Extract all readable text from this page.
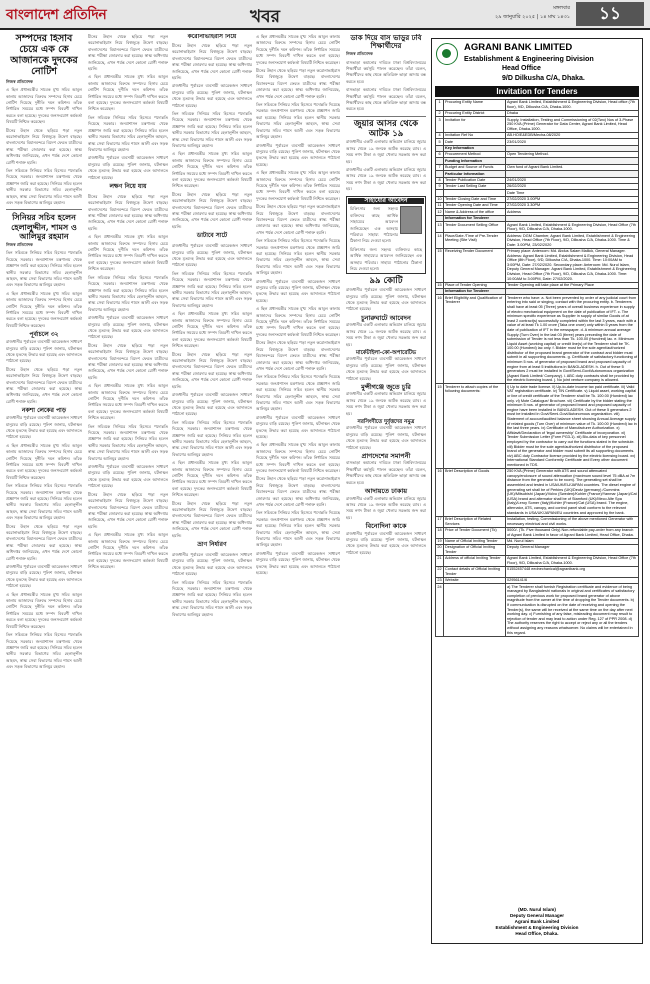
বাংলাদেশ প্রতিদিন	খবর	মঙ্গলবার
২৯ জানুয়ারি ২০২৫ | ১৪ মাঘ ১৪৩১	১১
সম্পদের হিসাব চেয়ে এক কে আজানকে দুদকের নোটিশ
নিজস্ব প্রতিবেদক

এ ছিল প্রধানমন্ত্রীর সাবেক মুখ্য সচিব আবুল কালাম আজাদের বিরুদ্ধে সম্পদের হিসাব চেয়ে নোটিশ দিয়েছে দুর্নীতি দমন কমিশন। তাঁকে নির্ধারিত সময়ের মধ্যে সম্পদ বিবরণী দাখিল করতে বলা হয়েছে। দুদকের জনসংযোগ কর্মকর্তা বিষয়টি নিশ্চিত করেছেন।

চীনের উহান থেকে ছড়িয়ে পড়া নতুন করোনাভাইরাস নিয়ে বিশ্বজুড়ে উদ্বেগ বাড়ছে। বাংলাদেশের বিমানবন্দরে বিদেশ ফেরত যাত্রীদের স্বাস্থ্য পরীক্ষা জোরদার করা হয়েছে। স্বাস্থ্য অধিদপ্তর জানিয়েছে, এখন পর্যন্ত দেশে কোনো রোগী শনাক্ত হয়নি।

তিন সচিবকে সিনিয়র সচিব হিসেবে পদোন্নতি দিয়েছে সরকার। জনপ্রশাসন মন্ত্রণালয় থেকে প্রজ্ঞাপন জারি করা হয়েছে। সিনিয়র সচিব হলেন স্থানীয় সরকার বিভাগের সচিব হেলালুদ্দীন আহমদ, স্বাস্থ্য সেবা বিভাগের সচিব শামস আলী এবং সড়ক বিভাগের আলিমুর রহমান।

সিনিয়র সচিব হলেন হেলালুদ্দীন, শামস ও আলিমুর রহমান
নিজস্ব প্রতিবেদক

তিন সচিবকে সিনিয়র সচিব হিসেবে পদোন্নতি দিয়েছে সরকার। জনপ্রশাসন মন্ত্রণালয় থেকে প্রজ্ঞাপন জারি করা হয়েছে। সিনিয়র সচিব হলেন স্থানীয় সরকার বিভাগের সচিব হেলালুদ্দীন আহমদ, স্বাস্থ্য সেবা বিভাগের সচিব শামস আলী এবং সড়ক বিভাগের আলিমুর রহমান।

এ ছিল প্রধানমন্ত্রীর সাবেক মুখ্য সচিব আবুল কালাম আজাদের বিরুদ্ধে সম্পদের হিসাব চেয়ে নোটিশ দিয়েছে দুর্নীতি দমন কমিশন। তাঁকে নির্ধারিত সময়ের মধ্যে সম্পদ বিবরণী দাখিল করতে বলা হয়েছে। দুদকের জনসংযোগ কর্মকর্তা বিষয়টি নিশ্চিত করেছেন।

পূর্বাচলে ৩২

রাজধানীর পূর্বাচলে ব্যবসায়ী আরেকজন সাধারণ মানুষের বাড়ি রয়েছে। পুলিশ জানায়, ঘটনাস্থল থেকে মৃতদেহ উদ্ধার করা হয়েছে এবং আদালতে পাঠানো হয়েছে।

চীনের উহান থেকে ছড়িয়ে পড়া নতুন করোনাভাইরাস নিয়ে বিশ্বজুড়ে উদ্বেগ বাড়ছে। বাংলাদেশের বিমানবন্দরে বিদেশ ফেরত যাত্রীদের স্বাস্থ্য পরীক্ষা জোরদার করা হয়েছে। স্বাস্থ্য অধিদপ্তর জানিয়েছে, এখন পর্যন্ত দেশে কোনো রোগী শনাক্ত হয়নি।

নকশা লেকের পাড়

রাজধানীর পূর্বাচলে ব্যবসায়ী আরেকজন সাধারণ মানুষের বাড়ি রয়েছে। পুলিশ জানায়, ঘটনাস্থল থেকে মৃতদেহ উদ্ধার করা হয়েছে এবং আদালতে পাঠানো হয়েছে।

এ ছিল প্রধানমন্ত্রীর সাবেক মুখ্য সচিব আবুল কালাম আজাদের বিরুদ্ধে সম্পদের হিসাব চেয়ে নোটিশ দিয়েছে দুর্নীতি দমন কমিশন। তাঁকে নির্ধারিত সময়ের মধ্যে সম্পদ বিবরণী দাখিল করতে বলা হয়েছে। দুদকের জনসংযোগ কর্মকর্তা বিষয়টি নিশ্চিত করেছেন।

তিন সচিবকে সিনিয়র সচিব হিসেবে পদোন্নতি দিয়েছে সরকার। জনপ্রশাসন মন্ত্রণালয় থেকে প্রজ্ঞাপন জারি করা হয়েছে। সিনিয়র সচিব হলেন স্থানীয় সরকার বিভাগের সচিব হেলালুদ্দীন আহমদ, স্বাস্থ্য সেবা বিভাগের সচিব শামস আলী এবং সড়ক বিভাগের আলিমুর রহমান।

চীনের উহান থেকে ছড়িয়ে পড়া নতুন করোনাভাইরাস নিয়ে বিশ্বজুড়ে উদ্বেগ বাড়ছে। বাংলাদেশের বিমানবন্দরে বিদেশ ফেরত যাত্রীদের স্বাস্থ্য পরীক্ষা জোরদার করা হয়েছে। স্বাস্থ্য অধিদপ্তর জানিয়েছে, এখন পর্যন্ত দেশে কোনো রোগী শনাক্ত হয়নি।

রাজধানীর পূর্বাচলে ব্যবসায়ী আরেকজন সাধারণ মানুষের বাড়ি রয়েছে। পুলিশ জানায়, ঘটনাস্থল থেকে মৃতদেহ উদ্ধার করা হয়েছে এবং আদালতে পাঠানো হয়েছে।

এ ছিল প্রধানমন্ত্রীর সাবেক মুখ্য সচিব আবুল কালাম আজাদের বিরুদ্ধে সম্পদের হিসাব চেয়ে নোটিশ দিয়েছে দুর্নীতি দমন কমিশন। তাঁকে নির্ধারিত সময়ের মধ্যে সম্পদ বিবরণী দাখিল করতে বলা হয়েছে। দুদকের জনসংযোগ কর্মকর্তা বিষয়টি নিশ্চিত করেছেন।

তিন সচিবকে সিনিয়র সচিব হিসেবে পদোন্নতি দিয়েছে সরকার। জনপ্রশাসন মন্ত্রণালয় থেকে প্রজ্ঞাপন জারি করা হয়েছে। সিনিয়র সচিব হলেন স্থানীয় সরকার বিভাগের সচিব হেলালুদ্দীন আহমদ, স্বাস্থ্য সেবা বিভাগের সচিব শামস আলী এবং সড়ক বিভাগের আলিমুর রহমান।

চীনের উহান থেকে ছড়িয়ে পড়া নতুন করোনাভাইরাস নিয়ে বিশ্বজুড়ে উদ্বেগ বাড়ছে। বাংলাদেশের বিমানবন্দরে বিদেশ ফেরত যাত্রীদের স্বাস্থ্য পরীক্ষা জোরদার করা হয়েছে। স্বাস্থ্য অধিদপ্তর জানিয়েছে, এখন পর্যন্ত দেশে কোনো রোগী শনাক্ত হয়নি।

এ ছিল প্রধানমন্ত্রীর সাবেক মুখ্য সচিব আবুল কালাম আজাদের বিরুদ্ধে সম্পদের হিসাব চেয়ে নোটিশ দিয়েছে দুর্নীতি দমন কমিশন। তাঁকে নির্ধারিত সময়ের মধ্যে সম্পদ বিবরণী দাখিল করতে বলা হয়েছে। দুদকের জনসংযোগ কর্মকর্তা বিষয়টি নিশ্চিত করেছেন।

তিন সচিবকে সিনিয়র সচিব হিসেবে পদোন্নতি দিয়েছে সরকার। জনপ্রশাসন মন্ত্রণালয় থেকে প্রজ্ঞাপন জারি করা হয়েছে। সিনিয়র সচিব হলেন স্থানীয় সরকার বিভাগের সচিব হেলালুদ্দীন আহমদ, স্বাস্থ্য সেবা বিভাগের সচিব শামস আলী এবং সড়ক বিভাগের আলিমুর রহমান।

রাজধানীর পূর্বাচলে ব্যবসায়ী আরেকজন সাধারণ মানুষের বাড়ি রয়েছে। পুলিশ জানায়, ঘটনাস্থল থেকে মৃতদেহ উদ্ধার করা হয়েছে এবং আদালতে পাঠানো হয়েছে।

লক্ষণ নিয়ে যায়

চীনের উহান থেকে ছড়িয়ে পড়া নতুন করোনাভাইরাস নিয়ে বিশ্বজুড়ে উদ্বেগ বাড়ছে। বাংলাদেশের বিমানবন্দরে বিদেশ ফেরত যাত্রীদের স্বাস্থ্য পরীক্ষা জোরদার করা হয়েছে। স্বাস্থ্য অধিদপ্তর জানিয়েছে, এখন পর্যন্ত দেশে কোনো রোগী শনাক্ত হয়নি।

এ ছিল প্রধানমন্ত্রীর সাবেক মুখ্য সচিব আবুল কালাম আজাদের বিরুদ্ধে সম্পদের হিসাব চেয়ে নোটিশ দিয়েছে দুর্নীতি দমন কমিশন। তাঁকে নির্ধারিত সময়ের মধ্যে সম্পদ বিবরণী দাখিল করতে বলা হয়েছে। দুদকের জনসংযোগ কর্মকর্তা বিষয়টি নিশ্চিত করেছেন।

তিন সচিবকে সিনিয়র সচিব হিসেবে পদোন্নতি দিয়েছে সরকার। জনপ্রশাসন মন্ত্রণালয় থেকে প্রজ্ঞাপন জারি করা হয়েছে। সিনিয়র সচিব হলেন স্থানীয় সরকার বিভাগের সচিব হেলালুদ্দীন আহমদ, স্বাস্থ্য সেবা বিভাগের সচিব শামস আলী এবং সড়ক বিভাগের আলিমুর রহমান।

রাজধানীর পূর্বাচলে ব্যবসায়ী আরেকজন সাধারণ মানুষের বাড়ি রয়েছে। পুলিশ জানায়, ঘটনাস্থল থেকে মৃতদেহ উদ্ধার করা হয়েছে এবং আদালতে পাঠানো হয়েছে।

চীনের উহান থেকে ছড়িয়ে পড়া নতুন করোনাভাইরাস নিয়ে বিশ্বজুড়ে উদ্বেগ বাড়ছে। বাংলাদেশের বিমানবন্দরে বিদেশ ফেরত যাত্রীদের স্বাস্থ্য পরীক্ষা জোরদার করা হয়েছে। স্বাস্থ্য অধিদপ্তর জানিয়েছে, এখন পর্যন্ত দেশে কোনো রোগী শনাক্ত হয়নি।

এ ছিল প্রধানমন্ত্রীর সাবেক মুখ্য সচিব আবুল কালাম আজাদের বিরুদ্ধে সম্পদের হিসাব চেয়ে নোটিশ দিয়েছে দুর্নীতি দমন কমিশন। তাঁকে নির্ধারিত সময়ের মধ্যে সম্পদ বিবরণী দাখিল করতে বলা হয়েছে। দুদকের জনসংযোগ কর্মকর্তা বিষয়টি নিশ্চিত করেছেন।

তিন সচিবকে সিনিয়র সচিব হিসেবে পদোন্নতি দিয়েছে সরকার। জনপ্রশাসন মন্ত্রণালয় থেকে প্রজ্ঞাপন জারি করা হয়েছে। সিনিয়র সচিব হলেন স্থানীয় সরকার বিভাগের সচিব হেলালুদ্দীন আহমদ, স্বাস্থ্য সেবা বিভাগের সচিব শামস আলী এবং সড়ক বিভাগের আলিমুর রহমান।

রাজধানীর পূর্বাচলে ব্যবসায়ী আরেকজন সাধারণ মানুষের বাড়ি রয়েছে। পুলিশ জানায়, ঘটনাস্থল থেকে মৃতদেহ উদ্ধার করা হয়েছে এবং আদালতে পাঠানো হয়েছে।

চীনের উহান থেকে ছড়িয়ে পড়া নতুন করোনাভাইরাস নিয়ে বিশ্বজুড়ে উদ্বেগ বাড়ছে। বাংলাদেশের বিমানবন্দরে বিদেশ ফেরত যাত্রীদের স্বাস্থ্য পরীক্ষা জোরদার করা হয়েছে। স্বাস্থ্য অধিদপ্তর জানিয়েছে, এখন পর্যন্ত দেশে কোনো রোগী শনাক্ত হয়নি।

এ ছিল প্রধানমন্ত্রীর সাবেক মুখ্য সচিব আবুল কালাম আজাদের বিরুদ্ধে সম্পদের হিসাব চেয়ে নোটিশ দিয়েছে দুর্নীতি দমন কমিশন। তাঁকে নির্ধারিত সময়ের মধ্যে সম্পদ বিবরণী দাখিল করতে বলা হয়েছে। দুদকের জনসংযোগ কর্মকর্তা বিষয়টি নিশ্চিত করেছেন।

করোনাভাইরাস নিয়ে

চীনের উহান থেকে ছড়িয়ে পড়া নতুন করোনাভাইরাস নিয়ে বিশ্বজুড়ে উদ্বেগ বাড়ছে। বাংলাদেশের বিমানবন্দরে বিদেশ ফেরত যাত্রীদের স্বাস্থ্য পরীক্ষা জোরদার করা হয়েছে। স্বাস্থ্য অধিদপ্তর জানিয়েছে, এখন পর্যন্ত দেশে কোনো রোগী শনাক্ত হয়নি।

রাজধানীর পূর্বাচলে ব্যবসায়ী আরেকজন সাধারণ মানুষের বাড়ি রয়েছে। পুলিশ জানায়, ঘটনাস্থল থেকে মৃতদেহ উদ্ধার করা হয়েছে এবং আদালতে পাঠানো হয়েছে।

তিন সচিবকে সিনিয়র সচিব হিসেবে পদোন্নতি দিয়েছে সরকার। জনপ্রশাসন মন্ত্রণালয় থেকে প্রজ্ঞাপন জারি করা হয়েছে। সিনিয়র সচিব হলেন স্থানীয় সরকার বিভাগের সচিব হেলালুদ্দীন আহমদ, স্বাস্থ্য সেবা বিভাগের সচিব শামস আলী এবং সড়ক বিভাগের আলিমুর রহমান।

এ ছিল প্রধানমন্ত্রীর সাবেক মুখ্য সচিব আবুল কালাম আজাদের বিরুদ্ধে সম্পদের হিসাব চেয়ে নোটিশ দিয়েছে দুর্নীতি দমন কমিশন। তাঁকে নির্ধারিত সময়ের মধ্যে সম্পদ বিবরণী দাখিল করতে বলা হয়েছে। দুদকের জনসংযোগ কর্মকর্তা বিষয়টি নিশ্চিত করেছেন।

চীনের উহান থেকে ছড়িয়ে পড়া নতুন করোনাভাইরাস নিয়ে বিশ্বজুড়ে উদ্বেগ বাড়ছে। বাংলাদেশের বিমানবন্দরে বিদেশ ফেরত যাত্রীদের স্বাস্থ্য পরীক্ষা জোরদার করা হয়েছে। স্বাস্থ্য অধিদপ্তর জানিয়েছে, এখন পর্যন্ত দেশে কোনো রোগী শনাক্ত হয়নি।

ডাটাবে সাটে

রাজধানীর পূর্বাচলে ব্যবসায়ী আরেকজন সাধারণ মানুষের বাড়ি রয়েছে। পুলিশ জানায়, ঘটনাস্থল থেকে মৃতদেহ উদ্ধার করা হয়েছে এবং আদালতে পাঠানো হয়েছে।

তিন সচিবকে সিনিয়র সচিব হিসেবে পদোন্নতি দিয়েছে সরকার। জনপ্রশাসন মন্ত্রণালয় থেকে প্রজ্ঞাপন জারি করা হয়েছে। সিনিয়র সচিব হলেন স্থানীয় সরকার বিভাগের সচিব হেলালুদ্দীন আহমদ, স্বাস্থ্য সেবা বিভাগের সচিব শামস আলী এবং সড়ক বিভাগের আলিমুর রহমান।

এ ছিল প্রধানমন্ত্রীর সাবেক মুখ্য সচিব আবুল কালাম আজাদের বিরুদ্ধে সম্পদের হিসাব চেয়ে নোটিশ দিয়েছে দুর্নীতি দমন কমিশন। তাঁকে নির্ধারিত সময়ের মধ্যে সম্পদ বিবরণী দাখিল করতে বলা হয়েছে। দুদকের জনসংযোগ কর্মকর্তা বিষয়টি নিশ্চিত করেছেন।

চীনের উহান থেকে ছড়িয়ে পড়া নতুন করোনাভাইরাস নিয়ে বিশ্বজুড়ে উদ্বেগ বাড়ছে। বাংলাদেশের বিমানবন্দরে বিদেশ ফেরত যাত্রীদের স্বাস্থ্য পরীক্ষা জোরদার করা হয়েছে। স্বাস্থ্য অধিদপ্তর জানিয়েছে, এখন পর্যন্ত দেশে কোনো রোগী শনাক্ত হয়নি।

রাজধানীর পূর্বাচলে ব্যবসায়ী আরেকজন সাধারণ মানুষের বাড়ি রয়েছে। পুলিশ জানায়, ঘটনাস্থল থেকে মৃতদেহ উদ্ধার করা হয়েছে এবং আদালতে পাঠানো হয়েছে।

তিন সচিবকে সিনিয়র সচিব হিসেবে পদোন্নতি দিয়েছে সরকার। জনপ্রশাসন মন্ত্রণালয় থেকে প্রজ্ঞাপন জারি করা হয়েছে। সিনিয়র সচিব হলেন স্থানীয় সরকার বিভাগের সচিব হেলালুদ্দীন আহমদ, স্বাস্থ্য সেবা বিভাগের সচিব শামস আলী এবং সড়ক বিভাগের আলিমুর রহমান।

এ ছিল প্রধানমন্ত্রীর সাবেক মুখ্য সচিব আবুল কালাম আজাদের বিরুদ্ধে সম্পদের হিসাব চেয়ে নোটিশ দিয়েছে দুর্নীতি দমন কমিশন। তাঁকে নির্ধারিত সময়ের মধ্যে সম্পদ বিবরণী দাখিল করতে বলা হয়েছে। দুদকের জনসংযোগ কর্মকর্তা বিষয়টি নিশ্চিত করেছেন।

চীনের উহান থেকে ছড়িয়ে পড়া নতুন করোনাভাইরাস নিয়ে বিশ্বজুড়ে উদ্বেগ বাড়ছে। বাংলাদেশের বিমানবন্দরে বিদেশ ফেরত যাত্রীদের স্বাস্থ্য পরীক্ষা জোরদার করা হয়েছে। স্বাস্থ্য অধিদপ্তর জানিয়েছে, এখন পর্যন্ত দেশে কোনো রোগী শনাক্ত হয়নি।

ভ্রাণ নির্ধারণ

রাজধানীর পূর্বাচলে ব্যবসায়ী আরেকজন সাধারণ মানুষের বাড়ি রয়েছে। পুলিশ জানায়, ঘটনাস্থল থেকে মৃতদেহ উদ্ধার করা হয়েছে এবং আদালতে পাঠানো হয়েছে।

তিন সচিবকে সিনিয়র সচিব হিসেবে পদোন্নতি দিয়েছে সরকার। জনপ্রশাসন মন্ত্রণালয় থেকে প্রজ্ঞাপন জারি করা হয়েছে। সিনিয়র সচিব হলেন স্থানীয় সরকার বিভাগের সচিব হেলালুদ্দীন আহমদ, স্বাস্থ্য সেবা বিভাগের সচিব শামস আলী এবং সড়ক বিভাগের আলিমুর রহমান।

এ ছিল প্রধানমন্ত্রীর সাবেক মুখ্য সচিব আবুল কালাম আজাদের বিরুদ্ধে সম্পদের হিসাব চেয়ে নোটিশ দিয়েছে দুর্নীতি দমন কমিশন। তাঁকে নির্ধারিত সময়ের মধ্যে সম্পদ বিবরণী দাখিল করতে বলা হয়েছে। দুদকের জনসংযোগ কর্মকর্তা বিষয়টি নিশ্চিত করেছেন।

চীনের উহান থেকে ছড়িয়ে পড়া নতুন করোনাভাইরাস নিয়ে বিশ্বজুড়ে উদ্বেগ বাড়ছে। বাংলাদেশের বিমানবন্দরে বিদেশ ফেরত যাত্রীদের স্বাস্থ্য পরীক্ষা জোরদার করা হয়েছে। স্বাস্থ্য অধিদপ্তর জানিয়েছে, এখন পর্যন্ত দেশে কোনো রোগী শনাক্ত হয়নি।

তিন সচিবকে সিনিয়র সচিব হিসেবে পদোন্নতি দিয়েছে সরকার। জনপ্রশাসন মন্ত্রণালয় থেকে প্রজ্ঞাপন জারি করা হয়েছে। সিনিয়র সচিব হলেন স্থানীয় সরকার বিভাগের সচিব হেলালুদ্দীন আহমদ, স্বাস্থ্য সেবা বিভাগের সচিব শামস আলী এবং সড়ক বিভাগের আলিমুর রহমান।

রাজধানীর পূর্বাচলে ব্যবসায়ী আরেকজন সাধারণ মানুষের বাড়ি রয়েছে। পুলিশ জানায়, ঘটনাস্থল থেকে মৃতদেহ উদ্ধার করা হয়েছে এবং আদালতে পাঠানো হয়েছে।

এ ছিল প্রধানমন্ত্রীর সাবেক মুখ্য সচিব আবুল কালাম আজাদের বিরুদ্ধে সম্পদের হিসাব চেয়ে নোটিশ দিয়েছে দুর্নীতি দমন কমিশন। তাঁকে নির্ধারিত সময়ের মধ্যে সম্পদ বিবরণী দাখিল করতে বলা হয়েছে। দুদকের জনসংযোগ কর্মকর্তা বিষয়টি নিশ্চিত করেছেন।

চীনের উহান থেকে ছড়িয়ে পড়া নতুন করোনাভাইরাস নিয়ে বিশ্বজুড়ে উদ্বেগ বাড়ছে। বাংলাদেশের বিমানবন্দরে বিদেশ ফেরত যাত্রীদের স্বাস্থ্য পরীক্ষা জোরদার করা হয়েছে। স্বাস্থ্য অধিদপ্তর জানিয়েছে, এখন পর্যন্ত দেশে কোনো রোগী শনাক্ত হয়নি।

তিন সচিবকে সিনিয়র সচিব হিসেবে পদোন্নতি দিয়েছে সরকার। জনপ্রশাসন মন্ত্রণালয় থেকে প্রজ্ঞাপন জারি করা হয়েছে। সিনিয়র সচিব হলেন স্থানীয় সরকার বিভাগের সচিব হেলালুদ্দীন আহমদ, স্বাস্থ্য সেবা বিভাগের সচিব শামস আলী এবং সড়ক বিভাগের আলিমুর রহমান।

রাজধানীর পূর্বাচলে ব্যবসায়ী আরেকজন সাধারণ মানুষের বাড়ি রয়েছে। পুলিশ জানায়, ঘটনাস্থল থেকে মৃতদেহ উদ্ধার করা হয়েছে এবং আদালতে পাঠানো হয়েছে।

এ ছিল প্রধানমন্ত্রীর সাবেক মুখ্য সচিব আবুল কালাম আজাদের বিরুদ্ধে সম্পদের হিসাব চেয়ে নোটিশ দিয়েছে দুর্নীতি দমন কমিশন। তাঁকে নির্ধারিত সময়ের মধ্যে সম্পদ বিবরণী দাখিল করতে বলা হয়েছে। দুদকের জনসংযোগ কর্মকর্তা বিষয়টি নিশ্চিত করেছেন।

চীনের উহান থেকে ছড়িয়ে পড়া নতুন করোনাভাইরাস নিয়ে বিশ্বজুড়ে উদ্বেগ বাড়ছে। বাংলাদেশের বিমানবন্দরে বিদেশ ফেরত যাত্রীদের স্বাস্থ্য পরীক্ষা জোরদার করা হয়েছে। স্বাস্থ্য অধিদপ্তর জানিয়েছে, এখন পর্যন্ত দেশে কোনো রোগী শনাক্ত হয়নি।

তিন সচিবকে সিনিয়র সচিব হিসেবে পদোন্নতি দিয়েছে সরকার। জনপ্রশাসন মন্ত্রণালয় থেকে প্রজ্ঞাপন জারি করা হয়েছে। সিনিয়র সচিব হলেন স্থানীয় সরকার বিভাগের সচিব হেলালুদ্দীন আহমদ, স্বাস্থ্য সেবা বিভাগের সচিব শামস আলী এবং সড়ক বিভাগের আলিমুর রহমান।

রাজধানীর পূর্বাচলে ব্যবসায়ী আরেকজন সাধারণ মানুষের বাড়ি রয়েছে। পুলিশ জানায়, ঘটনাস্থল থেকে মৃতদেহ উদ্ধার করা হয়েছে এবং আদালতে পাঠানো হয়েছে।

এ ছিল প্রধানমন্ত্রীর সাবেক মুখ্য সচিব আবুল কালাম আজাদের বিরুদ্ধে সম্পদের হিসাব চেয়ে নোটিশ দিয়েছে দুর্নীতি দমন কমিশন। তাঁকে নির্ধারিত সময়ের মধ্যে সম্পদ বিবরণী দাখিল করতে বলা হয়েছে। দুদকের জনসংযোগ কর্মকর্তা বিষয়টি নিশ্চিত করেছেন।

চীনের উহান থেকে ছড়িয়ে পড়া নতুন করোনাভাইরাস নিয়ে বিশ্বজুড়ে উদ্বেগ বাড়ছে। বাংলাদেশের বিমানবন্দরে বিদেশ ফেরত যাত্রীদের স্বাস্থ্য পরীক্ষা জোরদার করা হয়েছে। স্বাস্থ্য অধিদপ্তর জানিয়েছে, এখন পর্যন্ত দেশে কোনো রোগী শনাক্ত হয়নি।

তিন সচিবকে সিনিয়র সচিব হিসেবে পদোন্নতি দিয়েছে সরকার। জনপ্রশাসন মন্ত্রণালয় থেকে প্রজ্ঞাপন জারি করা হয়েছে। সিনিয়র সচিব হলেন স্থানীয় সরকার বিভাগের সচিব হেলালুদ্দীন আহমদ, স্বাস্থ্য সেবা বিভাগের সচিব শামস আলী এবং সড়ক বিভাগের আলিমুর রহমান।

রাজধানীর পূর্বাচলে ব্যবসায়ী আরেকজন সাধারণ মানুষের বাড়ি রয়েছে। পুলিশ জানায়, ঘটনাস্থল থেকে মৃতদেহ উদ্ধার করা হয়েছে এবং আদালতে পাঠানো হয়েছে।

ডাক দিয়ে বাস ভাড়ুর ঢবি শিক্ষার্থীদের
নিজস্ব প্রতিবেদক

বাসভাড়া কমানোর দাবিতে ঢাকা বিশ্ববিদ্যালয়ের শিক্ষার্থীরা কর্মসূচি পালন করেছেন। তাঁরা বলেন, শিক্ষার্থীদের কাছ থেকে অতিরিক্ত ভাড়া আদায় বন্ধ করতে হবে।

বাসভাড়া কমানোর দাবিতে ঢাকা বিশ্ববিদ্যালয়ের শিক্ষার্থীরা কর্মসূচি পালন করেছেন। তাঁরা বলেন, শিক্ষার্থীদের কাছ থেকে অতিরিক্ত ভাড়া আদায় বন্ধ করতে হবে।

জুয়ার আসর থেকে আটক ১৯

রাজধানীর একটি এলাকায় অভিযান চালিয়ে জুয়ার আসর থেকে ১৯ জনকে আটক করেছে র‍্যাব। এ সময় নগদ টাকা ও জুয়া খেলার সরঞ্জাম জব্দ করা হয়।

রাজধানীর একটি এলাকায় অভিযান চালিয়ে জুয়ার আসর থেকে ১৯ জনকে আটক করেছে র‍্যাব। এ সময় নগদ টাকা ও জুয়া খেলার সরঞ্জাম জব্দ করা হয়।

সাহায্যের আবেদন
চিকিৎসার জন্য সহৃদয় ব্যক্তিদের কাছে আর্থিক সাহায্যের আবেদন জানিয়েছেন এক অসহায় পরিবার। সাহায্য পাঠানোর ঠিকানা নিচে দেওয়া হলো।
চিকিৎসার জন্য সহৃদয় ব্যক্তিদের কাছে আর্থিক সাহায্যের আবেদন জানিয়েছেন এক অসহায় পরিবার। সাহায্য পাঠানোর ঠিকানা নিচে দেওয়া হলো।
৯৯ কোটি

রাজধানীর পূর্বাচলে ব্যবসায়ী আরেকজন সাধারণ মানুষের বাড়ি রয়েছে। পুলিশ জানায়, ঘটনাস্থল থেকে মৃতদেহ উদ্ধার করা হয়েছে এবং আদালতে পাঠানো হয়েছে।

চুনারুঘাটে আবেদন

রাজধানীর একটি এলাকায় অভিযান চালিয়ে জুয়ার আসর থেকে ১৯ জনকে আটক করেছে র‍্যাব। এ সময় নগদ টাকা ও জুয়া খেলার সরঞ্জাম জব্দ করা হয়।

মার্কেটাইলা-কো-অপারেটিভ

রাজধানীর পূর্বাচলে ব্যবসায়ী আরেকজন সাধারণ মানুষের বাড়ি রয়েছে। পুলিশ জানায়, ঘটনাস্থল থেকে মৃতদেহ উদ্ধার করা হয়েছে এবং আদালতে পাঠানো হয়েছে।

মুন্সীগঞ্জে জুতে চুরি

রাজধানীর একটি এলাকায় অভিযান চালিয়ে জুয়ার আসর থেকে ১৯ জনকে আটক করেছে র‍্যাব। এ সময় নগদ টাকা ও জুয়া খেলার সরঞ্জাম জব্দ করা হয়।

নরসিংদীতে দুর্বৃত্তদের নমুত্র

রাজধানীর পূর্বাচলে ব্যবসায়ী আরেকজন সাধারণ মানুষের বাড়ি রয়েছে। পুলিশ জানায়, ঘটনাস্থল থেকে মৃতদেহ উদ্ধার করা হয়েছে এবং আদালতে পাঠানো হয়েছে।

প্রাণদেশের সমাপনী

বাসভাড়া কমানোর দাবিতে ঢাকা বিশ্ববিদ্যালয়ের শিক্ষার্থীরা কর্মসূচি পালন করেছেন। তাঁরা বলেন, শিক্ষার্থীদের কাছ থেকে অতিরিক্ত ভাড়া আদায় বন্ধ করতে হবে।

আদায়তে ঢাকায়

রাজধানীর একটি এলাকায় অভিযান চালিয়ে জুয়ার আসর থেকে ১৯ জনকে আটক করেছে র‍্যাব। এ সময় নগদ টাকা ও জুয়া খেলার সরঞ্জাম জব্দ করা হয়।

বিনোদিনা কাকে

রাজধানীর পূর্বাচলে ব্যবসায়ী আরেকজন সাধারণ মানুষের বাড়ি রয়েছে। পুলিশ জানায়, ঘটনাস্থল থেকে মৃতদেহ উদ্ধার করা হয়েছে এবং আদালতে পাঠানো হয়েছে।

AGRANI BANK LIMITED
Establishment & Engineering Division
Head Office
9/D Dilkusha C/A, Dhaka.
Invitation for Tenders
1	Procuring Entity Name	Agrani Bank Limited, Establishment & Engineering Division, Head office (7th floor), 9/D, Dilkusha C/A, Dhaka-1000.
2	Procuring Entity District	Dhaka
3	Invitation for	Supply, Installation, Testing and Commissioning of 02(Two) Nos of 3-Phase 250 KVA (Prime) Generator for Data Center, Agrani Bank Limited, Head Office, Dhaka-1000.
4	Invitation Ref No	AB.HO/E&EDB/Mecha-08/2020
5	Date	23/01/2020
	Key Information	
6	Procurement Method	Open Tendering Method.
	Funding Information	
7	Budget and Source of Funds	Own fund of Agrani Bank Limited.
	Particular Information	
8	Tender Publication Date	24/01/2020
9	Tender Last Selling Date	26/02/2020
		Date Time
10	Tender Closing Date and Time	27/02/2020 3.00PM
11	Tender Opening Date and Time	27/02/2020 3.30PM
12	Name & Address of the office	Address
	Information for Tenderer	
13	Tender Document Selling Office	Agrani Bank Limited, Establishment & Engineering Division, Head Office (7th Floor), 9/D, Dilkusha C/A, Dhaka-1000.
14	Place/Date /Time of Pre-Tender Meeting (Site Visit)	Address: DGM Chamber, Agrani Bank Limited, Establishment & Engineering Division, Head Office (7th Floor), 9/D, Dilkusha C/A, Dhaka-1000. Time & Date: 3.00PM, 23/02/2020
15	Receiving Tender Document	Primary place: Anteroom: Md. Abdus Salam Mallick, General Manager. Address: Agrani Bank Limited, Establishment & Engineering Division, Head Office (8th Floor), 9/D, Dilkusha C/A, Dhaka-1000. Time: 10:00AM to 3:00PM, Date: 27/02/2020. Secondary place: Anteroom: Md. Nurul Islam, Deputy General Manager. Agrani Bank Limited, Establishment & Engineering Division, Head Office (7th Floor), 9/D, Dilkusha C/A, Dhaka-1000. Time: 10:00AM to 3:00PM, Date: 27/02/2020.
15	Place of Tender Opening	Tender Opening will take place at the Primary Place
	Information for Tenderer	
16	Brief Eligibility and Qualification of Tenderer	Tenderer who have: a. Not been prevented by order of any judicial court from entering into said or singing, contact with the procuring entity. b. Tenderers shall have at least 05 (Three) years of overall business experience in supply of electro mechanical equipment on the date of publication of IFT. c. The minimum specific experience as Supplier in supply of similar Goods of at least 2 contract(s) successfully completed within the last 3 years, each with a value of at least Tk 1.00 crore (Taka one crore) only within 5 years from the date of publication of IFT in the newspaper. d. A minimum annual average Supply (Turn Over) in the last 03 (three) years preceding the date of submission of Tender is not less than Tk. 100.00 (Hundred) lac. e. Minimum Liquid Asset (working capital) or credit line(s) of the Tenderer shall be TK. 100.00 (Hundred) lac only. f. Bidder must be the sole agent/authorized distributor of the proposed brand generator of the contract and bidder must submit in all supporting documents. g. Certificate of satisfactory functioning of minimum 5 nos. of generator of proposed brand and proposed capacity of engine from at least 5 institutions in BANGLADESH. h. Out of these 5 generators 2 must be installed in Govt/Semi-Govt/Autonomous organization (Agrani Bank Limited/ Company). i. ABC duty contracts shall be provided by the electric licensing board. j. No joint venture company is allowed.
15	Tenderer to attach copies of the following documents:	i) Up to date trade license. ii) Up-to-date income tax paid certificate. iii) Valid VAT registration certificate. iv) TIN Certificate. v) Liquid asset, working capital or line of credit certificate of the Tenderer shall be Tk. 100.00 (Hundred) lac only. vi) Mote Catalogue/ Brochure. vii) Certificate by the bidder stating the minimum 5 nos. of generator of proposed brand and proposed capacity of engine have been installed in BANGLADESH. Out of these 5 generators 2 must be installed in Govt/Semi-Govt/Autonomous organization. viii) Statement of account/audited balance sheet showing Annual Average supply of related goods (Turn Over) of minimum value of Tk. 100.00 (Hundred) lac in the last three years. ix) Certificate of Manufacturer Authorization. x) Affidavit/Declaration of 'legal ownership' Certificate of incorporation. xi) Tender Submission Letter (Form PG3-1). xii) Bio-data of key personnel employed by the contractor to carry out the functions stated in the schedule. xiii) Bidder must be the sole agent/authorized distributor of the proposed brand of the generator and bidder must submit its all supporting documents. xiv) ABC duty Contractor license provided by the electric licensing board. xv) International Standard Conformity Certificate and Every other document mentioned in TDS.
16	Brief Description of Goods	250 KVA (Prime) Generator with ATS and sound attenuated canopy/enclosure of sound attenuation (maximum sound level 75 dBA at 7m distance from the generator to be room). The generating set shall be assembled and tested in USA/UK/EU/JAPAN countries. The diesel engine of generating set shall be of Perkins (UK)/Deutz (germany) /Cummins (UK)/Mitsubishi (Japan)/Volvo (Sweden)/Kohler (France)/Yanmar (Japan)/Cat (USA) brand and alternator shall be of Stamford (UK)/Meco Alte Spa (Italy)/Leroy Somer (Italy)/Kohler (France)/Cat (USA) brand. The engine, alternator, ATS, canopy, and control panel shall conform to the relevant standards in USA/UK/JAPAN/EU countries and approved by the bank.
17	Brief Description of Related Services	Installation, testing, Commissioning of the above mentioned Generator with necessary electrical and civil works.
18	Price of Tender Document (Tk)	5000/- (Tk. Five thousand Only) Non-refundable pay-order from any branch of Agrani Bank Limited in favor of Agrani Bank Limited, Head Office, Dhaka.
19	Name of Official Inviting Tender	Md. Nurul Islam
20	Designation of Official Inviting Tender	Deputy General Manager
21	Address of official Inviting Tender	Agrani Bank Limited, Establishment & Engineering Division, Head Office (7th Floor), 9/D, Dilkusha C/A, Dhaka-1000.
22	Contact details of Official Inviting Tender	01552457448 eednechanical@agranibank.org
23	Website	02956141/6
24		a) The Tenderer shall furnish Registration certificate and evidence of being managed by Bangladeshi nationals in original and certificates of satisfactory completion of previous work for proposed brand generator of above magnitude from the owner at the time of dropping the Tender documents. b) If communication is disrupted on the date of receiving and opening the Tender(s), the same will be received at the same time on the day after next working day. c) Furnishing of any false, misleading document may result to rejection of tender and may lead to action under Reg. 127 of PPR 2008. d) The authority reserves the right to accept or reject any or all the tenders without assigning any reasons whatsoever. No claims will be entertained in this regard.
(MD. Nurul Islam)
Deputy General Manager
Agrani Bank Limited
Establishment & Engineering Division
Head Office, Dhaka.
